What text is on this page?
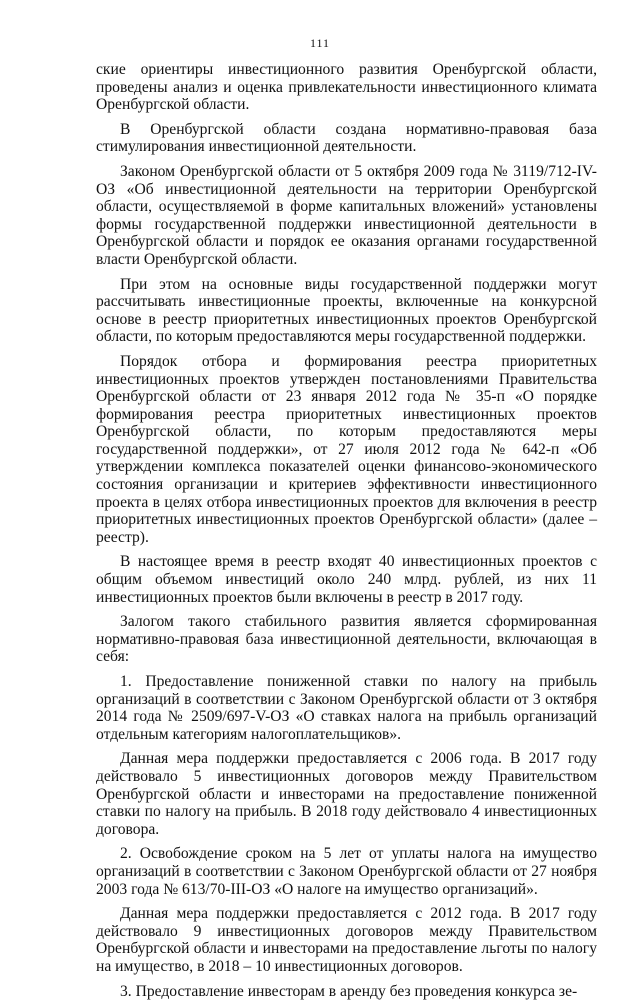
111

ские ориентиры инвестиционного развития Оренбургской области, проведены анализ и оценка привлекательности инвестиционного климата Оренбургской области.

В Оренбургской области создана нормативно-правовая база стимулирования инвестиционной деятельности.

Законом Оренбургской области от 5 октября 2009 года № 3119/712-IV-ОЗ «Об инвестиционной деятельности на территории Оренбургской области, осуществляемой в форме капитальных вложений» установлены формы государственной поддержки инвестиционной деятельности в Оренбургской области и порядок ее оказания органами государственной власти Оренбургской области.

При этом на основные виды государственной поддержки могут рассчитывать инвестиционные проекты, включенные на конкурсной основе в реестр приоритетных инвестиционных проектов Оренбургской области, по которым предоставляются меры государственной поддержки.

Порядок отбора и формирования реестра приоритетных инвестиционных проектов утвержден постановлениями Правительства Оренбургской области от 23 января 2012 года № 35-п «О порядке формирования реестра приоритетных инвестиционных проектов Оренбургской области, по которым предоставляются меры государственной поддержки», от 27 июля 2012 года № 642-п «Об утверждении комплекса показателей оценки финансово-экономического состояния организации и критериев эффективности инвестиционного проекта в целях отбора инвестиционных проектов для включения в реестр приоритетных инвестиционных проектов Оренбургской области» (далее – реестр).

В настоящее время в реестр входят 40 инвестиционных проектов с общим объемом инвестиций около 240 млрд. рублей, из них 11 инвестиционных проектов были включены в реестр в 2017 году.

Залогом такого стабильного развития является сформированная нормативно-правовая база инвестиционной деятельности, включающая в себя:

1. Предоставление пониженной ставки по налогу на прибыль организаций в соответствии с Законом Оренбургской области от 3 октября 2014 года № 2509/697-V-ОЗ «О ставках налога на прибыль организаций отдельным категориям налогоплательщиков».

Данная мера поддержки предоставляется с 2006 года. В 2017 году действовало 5 инвестиционных договоров между Правительством Оренбургской области и инвесторами на предоставление пониженной ставки по налогу на прибыль. В 2018 году действовало 4 инвестиционных договора.

2. Освобождение сроком на 5 лет от уплаты налога на имущество организаций в соответствии с Законом Оренбургской области от 27 ноября 2003 года № 613/70-III-ОЗ «О налоге на имущество организаций».

Данная мера поддержки предоставляется с 2012 года. В 2017 году действовало 9 инвестиционных договоров между Правительством Оренбургской области и инвесторами на предоставление льготы по налогу на имущество, в 2018 – 10 инвестиционных договоров.

3. Предоставление инвесторам в аренду без проведения конкурса зе-
